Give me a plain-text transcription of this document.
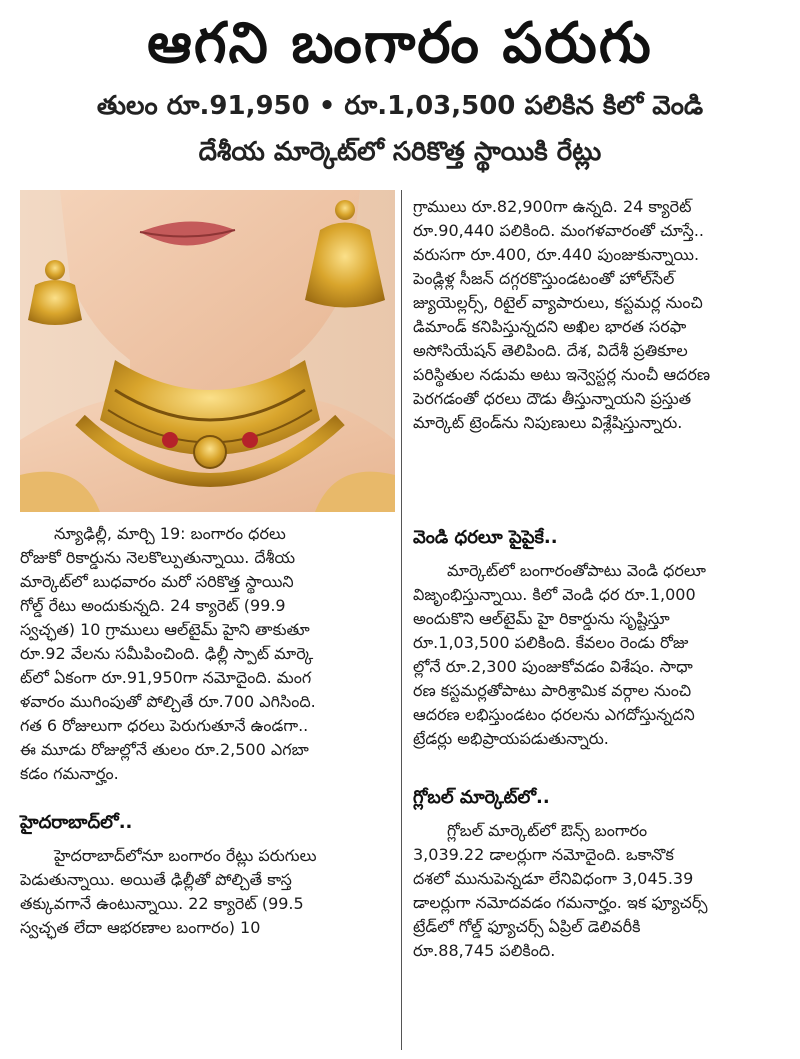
ఆగని బంగారం పరుగు
తులం రూ.91,950 • రూ.1,03,500 పలికిన కిలో వెండి
దేశీయ మార్కెట్‌లో సరికొత్త స్థాయికి రేట్లు
గ్రాములు రూ.82,900గా ఉన్నది. 24 క్యారెట్
రూ.90,440 పలికింది. మంగళవారంతో చూస్తే..
వరుసగా రూ.400, రూ.440 పుంజుకున్నాయి.
పెండ్లిళ్ల సీజన్ దగ్గరకొస్తుండటంతో హోల్‌సేల్
జ్యుయెల్లర్స్, రిటైల్ వ్యాపారులు, కస్టమర్ల నుంచి
డిమాండ్ కనిపిస్తున్నదని అఖిల భారత సరఫా
అసోసియేషన్ తెలిపింది. దేశ, విదేశీ ప్రతికూల
పరిస్థితుల నడుమ అటు ఇన్వెస్టర్ల నుంచీ ఆదరణ
పెరగడంతో ధరలు దౌడు తీస్తున్నాయని ప్రస్తుత
మార్కెట్ ట్రెండ్‌ను నిపుణులు విశ్లేషిస్తున్నారు.
న్యూఢిల్లీ, మార్చి 19: బంగారం ధరలు
రోజుకో రికార్డును నెలకొల్పుతున్నాయి. దేశీయ
మార్కెట్‌లో బుధవారం మరో సరికొత్త స్థాయిని
గోల్డ్ రేటు అందుకున్నది. 24 క్యారెట్ (99.9
స్వచ్ఛత) 10 గ్రాములు ఆల్‌టైమ్ హైని తాకుతూ
రూ.92 వేలను సమీపించింది. ఢిల్లీ స్పాట్ మార్కె
ట్‌లో ఏకంగా రూ.91,950గా నమోదైంది. మంగ
ళవారం ముగింపుతో పోల్చితే రూ.700 ఎగిసింది.
గత 6 రోజులుగా ధరలు పెరుగుతూనే ఉండగా..
ఈ మూడు రోజుల్లోనే తులం రూ.2,500 ఎగబా
కడం గమనార్హం.
హైదరాబాద్‌లో..
హైదరాబాద్‌లోనూ బంగారం రేట్లు పరుగులు
పెడుతున్నాయి. అయితే ఢిల్లీతో పోల్చితే కాస్త
తక్కువగానే ఉంటున్నాయి. 22 క్యారెట్ (99.5
స్వచ్ఛత లేదా ఆభరణాల బంగారం) 10
వెండి ధరలూ పైపైకే..
మార్కెట్‌లో బంగారంతోపాటు వెండి ధరలూ
విజృంభిస్తున్నాయి. కిలో వెండి ధర రూ.1,000
అందుకొని ఆల్‌టైమ్ హై రికార్డును సృష్టిస్తూ
రూ.1,03,500 పలికింది. కేవలం రెండు రోజు
ల్లోనే రూ.2,300 పుంజుకోవడం విశేషం. సాధా
రణ కస్టమర్లతోపాటు పారిశ్రామిక వర్గాల నుంచి
ఆదరణ లభిస్తుండటం ధరలను ఎగదోస్తున్నదని
ట్రేడర్లు అభిప్రాయపడుతున్నారు.
గ్లోబల్ మార్కెట్‌లో..
గ్లోబల్ మార్కెట్‌లో ఔన్స్ బంగారం
3,039.22 డాలర్లుగా నమోదైంది. ఒకానొక
దశలో మునుపెన్నడూ లేనివిధంగా 3,045.39
డాలర్లుగా నమోదవడం గమనార్హం. ఇక ఫ్యూచర్స్
ట్రేడ్‌లో గోల్డ్ ఫ్యూచర్స్ ఏప్రిల్ డెలివరీకి
రూ.88,745 పలికింది.
